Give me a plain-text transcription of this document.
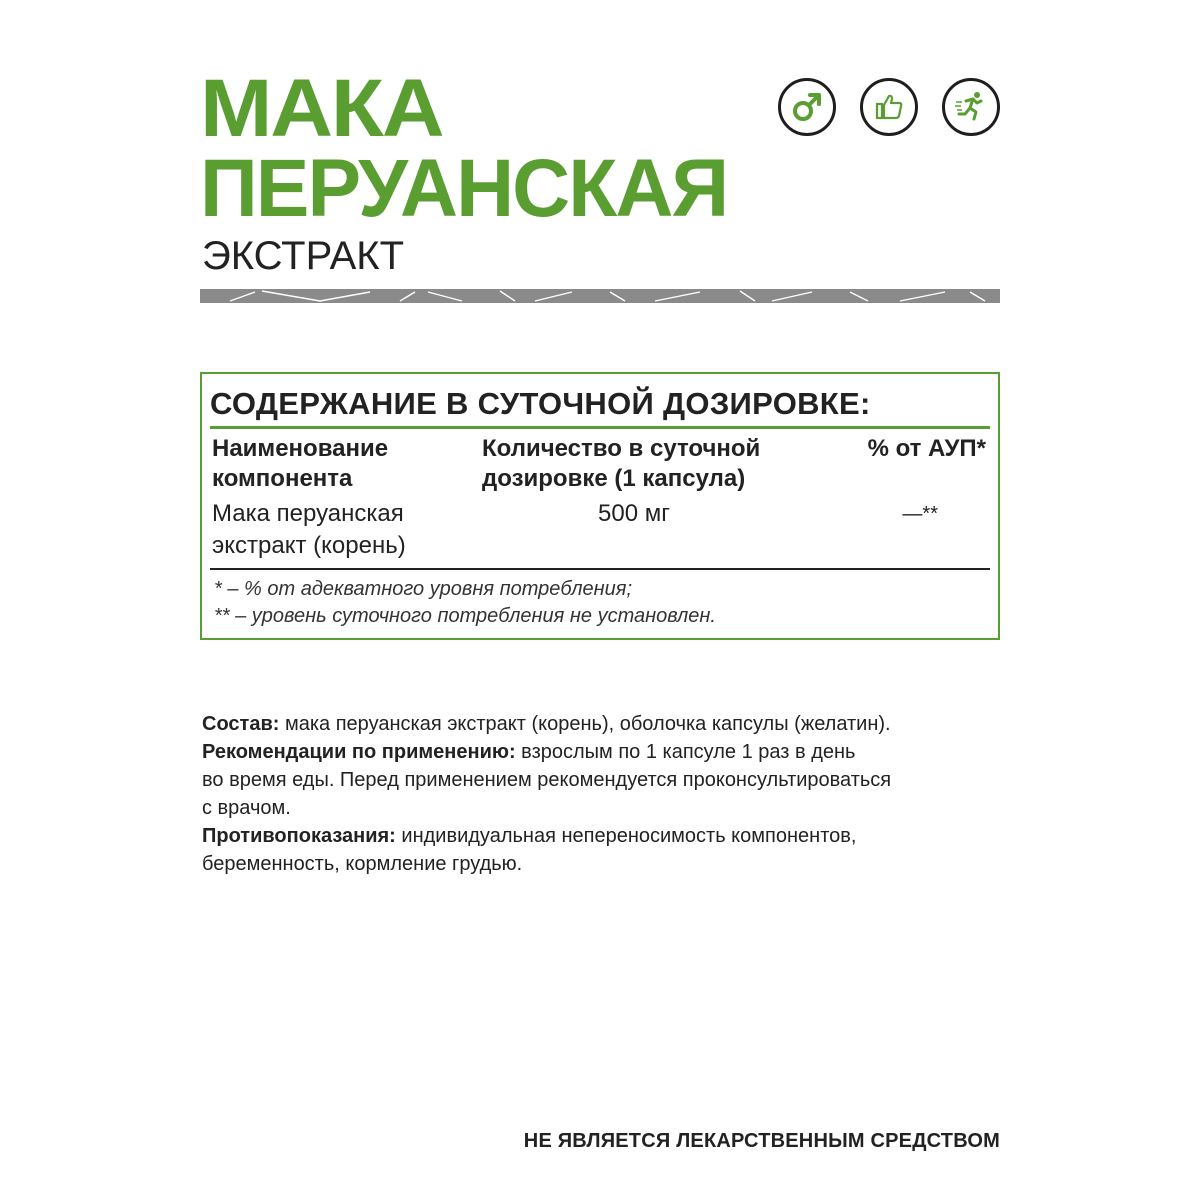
МАКА
ПЕРУАНСКАЯ
ЭКСТРАКТ
СОДЕРЖАНИЕ В СУТОЧНОЙ ДОЗИРОВКЕ:
Наименование компонента
Количество в суточной дозировке (1 капсула)
% от АУП*
Мака перуанская экстракт (корень)
500 мг	—**
* – % от адекватного уровня потребления;
** – уровень суточного потребления не установлен.

Состав: мака перуанская экстракт (корень), оболочка капсулы (желатин).

Рекомендации по применению: взрослым по 1 капсуле 1 раз в день

во время еды. Перед применением рекомендуется проконсультироваться

с врачом.

Противопоказания: индивидуальная непереносимость компонентов,

беременность, кормление грудью.

НЕ ЯВЛЯЕТСЯ ЛЕКАРСТВЕННЫМ СРЕДСТВОМ
